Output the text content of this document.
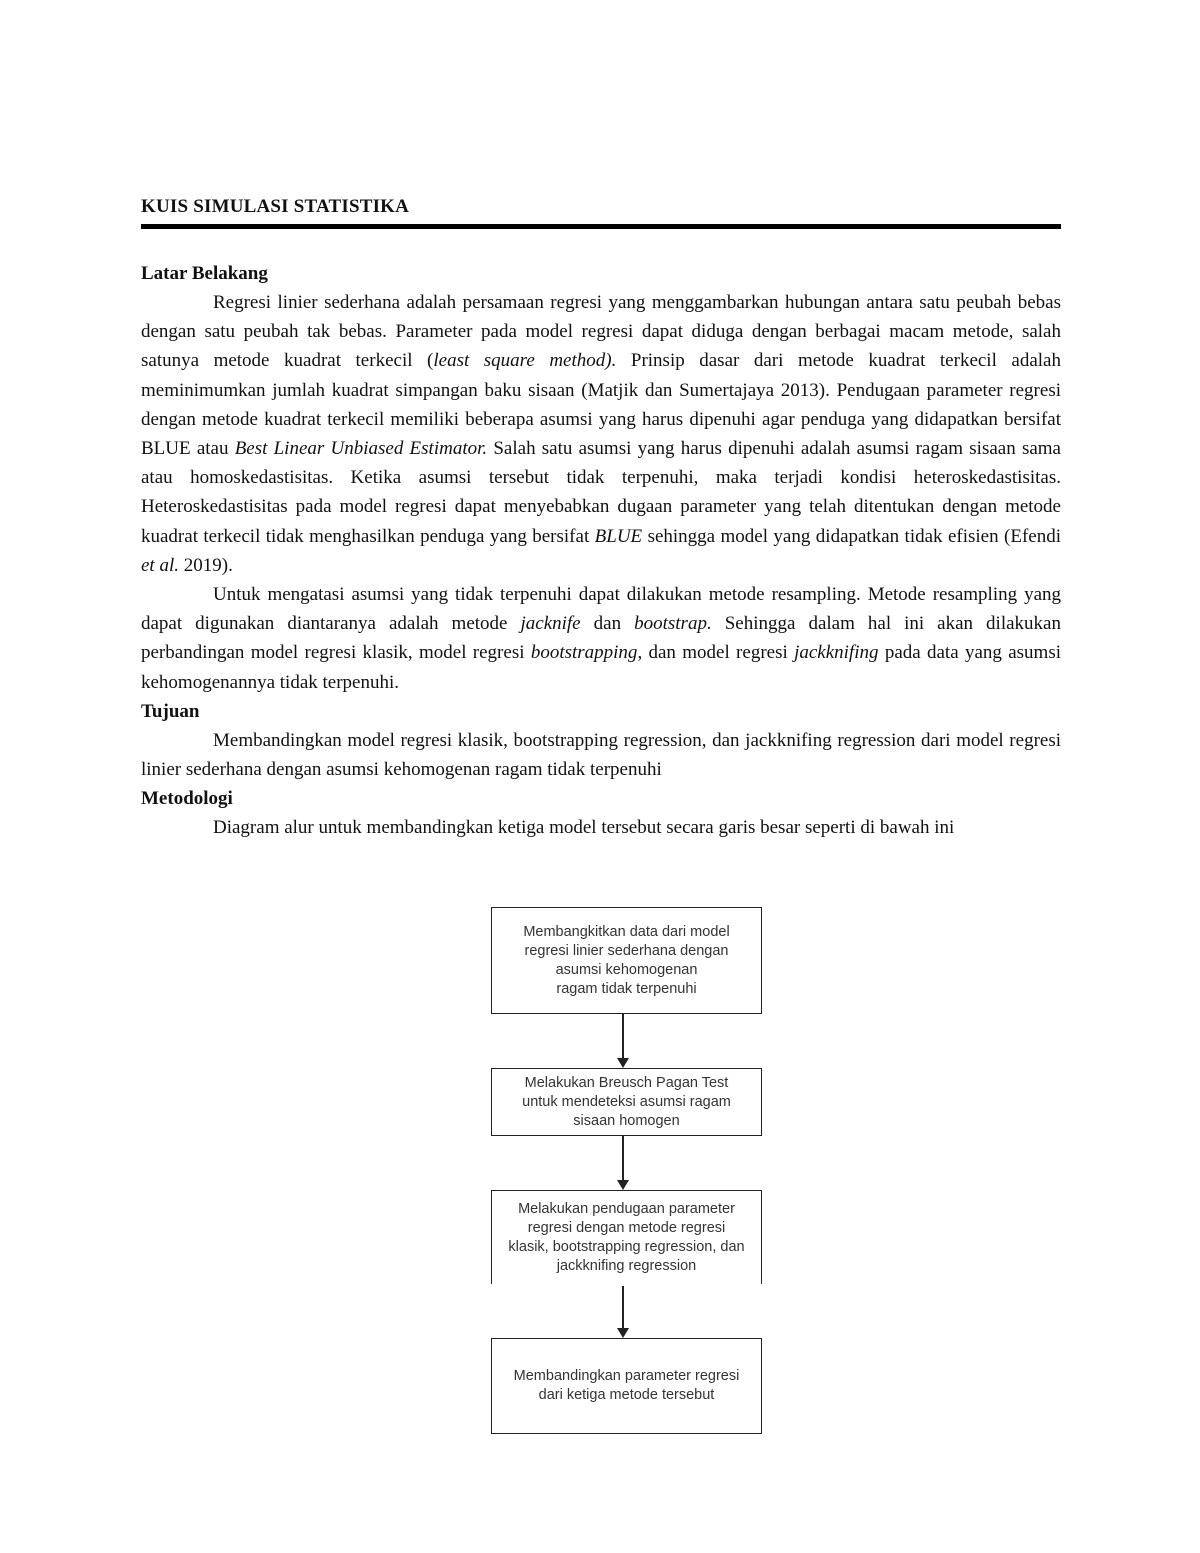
KUIS SIMULASI STATISTIKA
Latar Belakang

Regresi linier sederhana adalah persamaan regresi yang menggambarkan hubungan antara satu peubah bebas dengan satu peubah tak bebas. Parameter pada model regresi dapat diduga dengan berbagai macam metode, salah satunya metode kuadrat terkecil (least square method). Prinsip dasar dari metode kuadrat terkecil adalah meminimumkan jumlah kuadrat simpangan baku sisaan (Matjik dan Sumertajaya 2013). Pendugaan parameter regresi dengan metode kuadrat terkecil memiliki beberapa asumsi yang harus dipenuhi agar penduga yang didapatkan bersifat BLUE atau Best Linear Unbiased Estimator. Salah satu asumsi yang harus dipenuhi adalah asumsi ragam sisaan sama atau homoskedastisitas. Ketika asumsi tersebut tidak terpenuhi, maka terjadi kondisi heteroskedastisitas. Heteroskedastisitas pada model regresi dapat menyebabkan dugaan parameter yang telah ditentukan dengan metode kuadrat terkecil tidak menghasilkan penduga yang bersifat BLUE sehingga model yang didapatkan tidak efisien (Efendi et al. 2019).

Untuk mengatasi asumsi yang tidak terpenuhi dapat dilakukan metode resampling. Metode resampling yang dapat digunakan diantaranya adalah metode jacknife dan bootstrap. Sehingga dalam hal ini akan dilakukan perbandingan model regresi klasik, model regresi bootstrapping, dan model regresi jackknifing pada data yang asumsi kehomogenannya tidak terpenuhi.

Tujuan

Membandingkan model regresi klasik, bootstrapping regression, dan jackknifing regression dari model regresi linier sederhana dengan asumsi kehomogenan ragam tidak terpenuhi

Metodologi

Diagram alur untuk membandingkan ketiga model tersebut secara garis besar seperti di bawah ini

Membangkitkan data dari model
regresi linier sederhana dengan
asumsi kehomogenan
ragam tidak terpenuhi
Melakukan Breusch Pagan Test
untuk mendeteksi asumsi ragam
sisaan homogen
Melakukan pendugaan parameter
regresi dengan metode regresi
klasik, bootstrapping regression, dan
jackknifing regression
Membandingkan parameter regresi
dari ketiga metode tersebut
